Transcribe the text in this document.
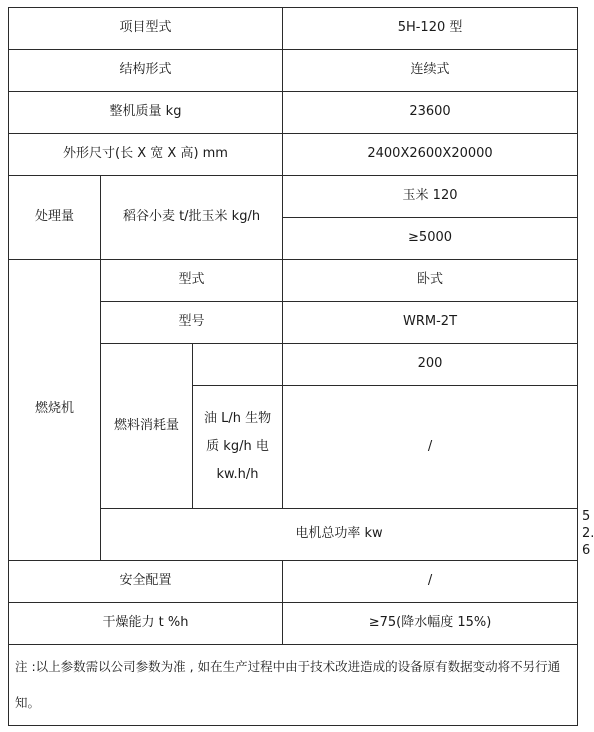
项目型式			5H-120 型	
结构形式			连续式	
整机质量 kg			23600	
外形尺寸(长 X 宽 X 高) mm			2400X2600X20000	
处理量	稻谷小麦 t/批玉米 kg/h		玉米 120	
			≥5000	
燃烧机	型式		卧式	
	型号		WRM-2T	
	燃料消耗量		200	
		油 L/h 生物质 kg/h 电 kw.h/h	/	
	电机总功率 kw			52.6
安全配置			/	
干燥能力 t %h			≥75(降水幅度 15%)	
注 :以上参数需以公司参数为准 , 如在生产过程中由于技术改进造成的设备原有数据变动将不另行通知。				
